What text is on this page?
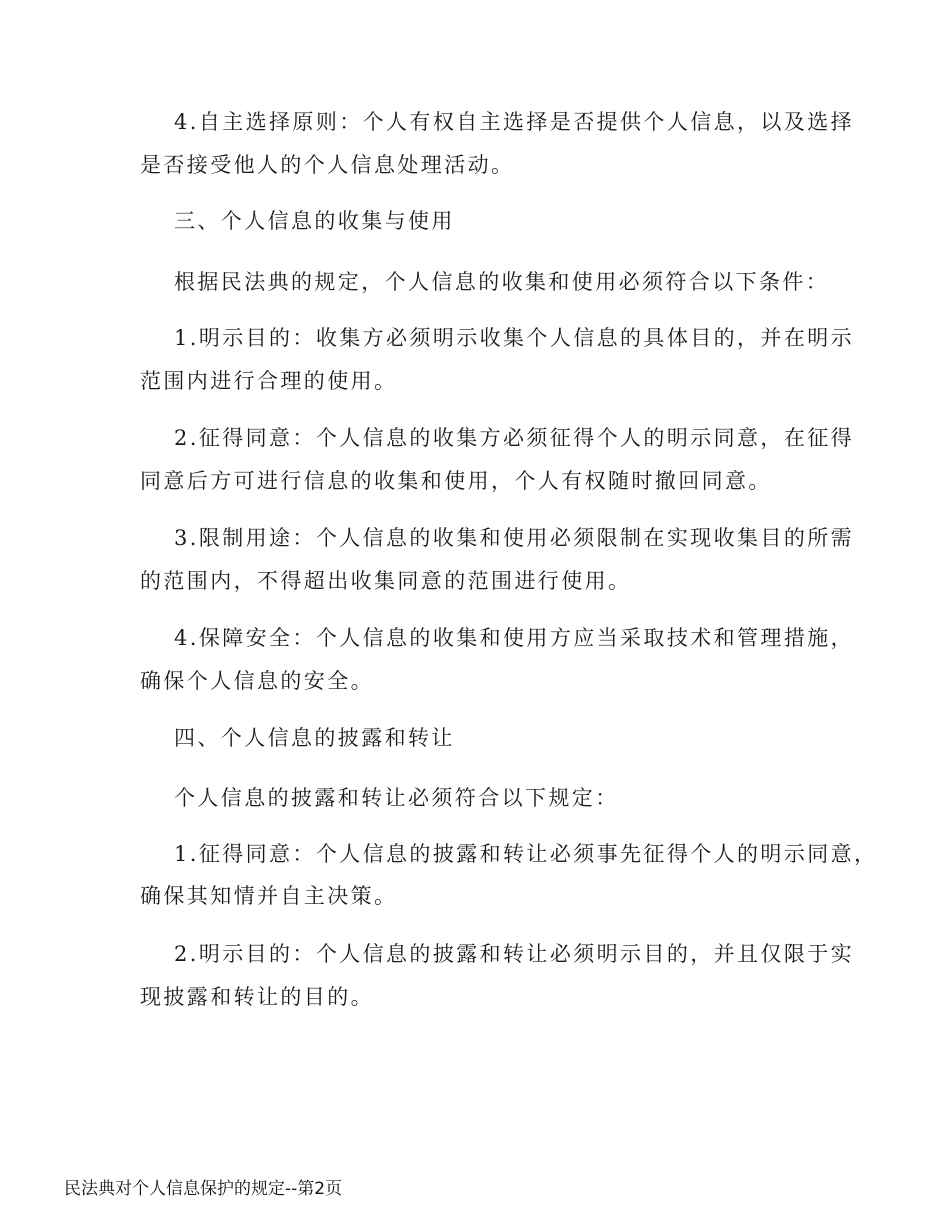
4.自主选择原则：个人有权自主选择是否提供个人信息，以及选择
是否接受他人的个人信息处理活动。
三、个人信息的收集与使用
根据民法典的规定，个人信息的收集和使用必须符合以下条件：
1.明示目的：收集方必须明示收集个人信息的具体目的，并在明示
范围内进行合理的使用。
2.征得同意：个人信息的收集方必须征得个人的明示同意，在征得
同意后方可进行信息的收集和使用，个人有权随时撤回同意。
3.限制用途：个人信息的收集和使用必须限制在实现收集目的所需
的范围内，不得超出收集同意的范围进行使用。
4.保障安全：个人信息的收集和使用方应当采取技术和管理措施，
确保个人信息的安全。
四、个人信息的披露和转让
个人信息的披露和转让必须符合以下规定：
1.征得同意：个人信息的披露和转让必须事先征得个人的明示同意，
确保其知情并自主决策。
2.明示目的：个人信息的披露和转让必须明示目的，并且仅限于实
现披露和转让的目的。
民法典对个人信息保护的规定--第2页
